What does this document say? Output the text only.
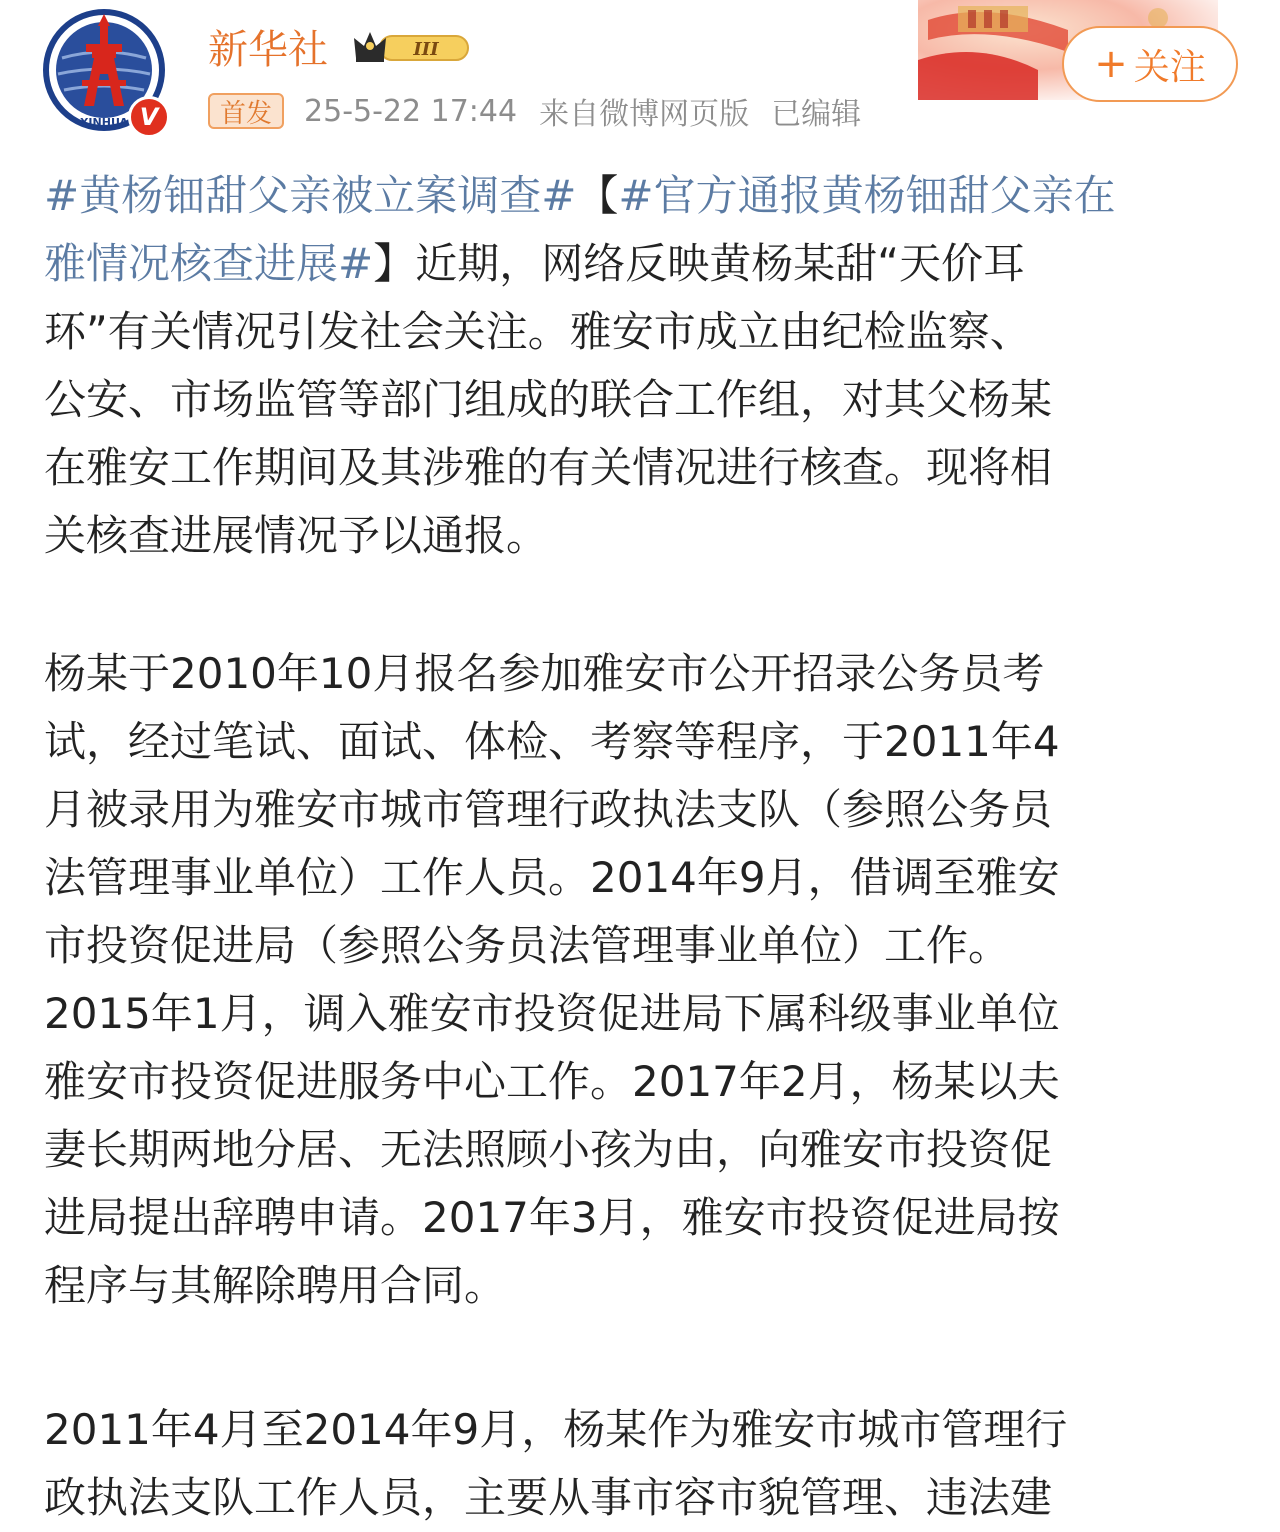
XINHUA V
新华社	III
首发	25-5-22 17:44 来自微博网页版 已编辑
+ 关注
#黄杨钿甜父亲被立案调查#【#官方通报黄杨钿甜父亲在
雅情况核查进展#】近期，网络反映黄杨某甜“天价耳
环”有关情况引发社会关注。雅安市成立由纪检监察、
公安、市场监管等部门组成的联合工作组，对其父杨某
在雅安工作期间及其涉雅的有关情况进行核查。现将相
关核查进展情况予以通报。
杨某于2010年10月报名参加雅安市公开招录公务员考
试，经过笔试、面试、体检、考察等程序，于2011年4
月被录用为雅安市城市管理行政执法支队（参照公务员
法管理事业单位）工作人员。2014年9月，借调至雅安
市投资促进局（参照公务员法管理事业单位）工作。
2015年1月，调入雅安市投资促进局下属科级事业单位
雅安市投资促进服务中心工作。2017年2月，杨某以夫
妻长期两地分居、无法照顾小孩为由，向雅安市投资促
进局提出辞聘申请。2017年3月，雅安市投资促进局按
程序与其解除聘用合同。
2011年4月至2014年9月，杨某作为雅安市城市管理行
政执法支队工作人员，主要从事市容市貌管理、违法建
